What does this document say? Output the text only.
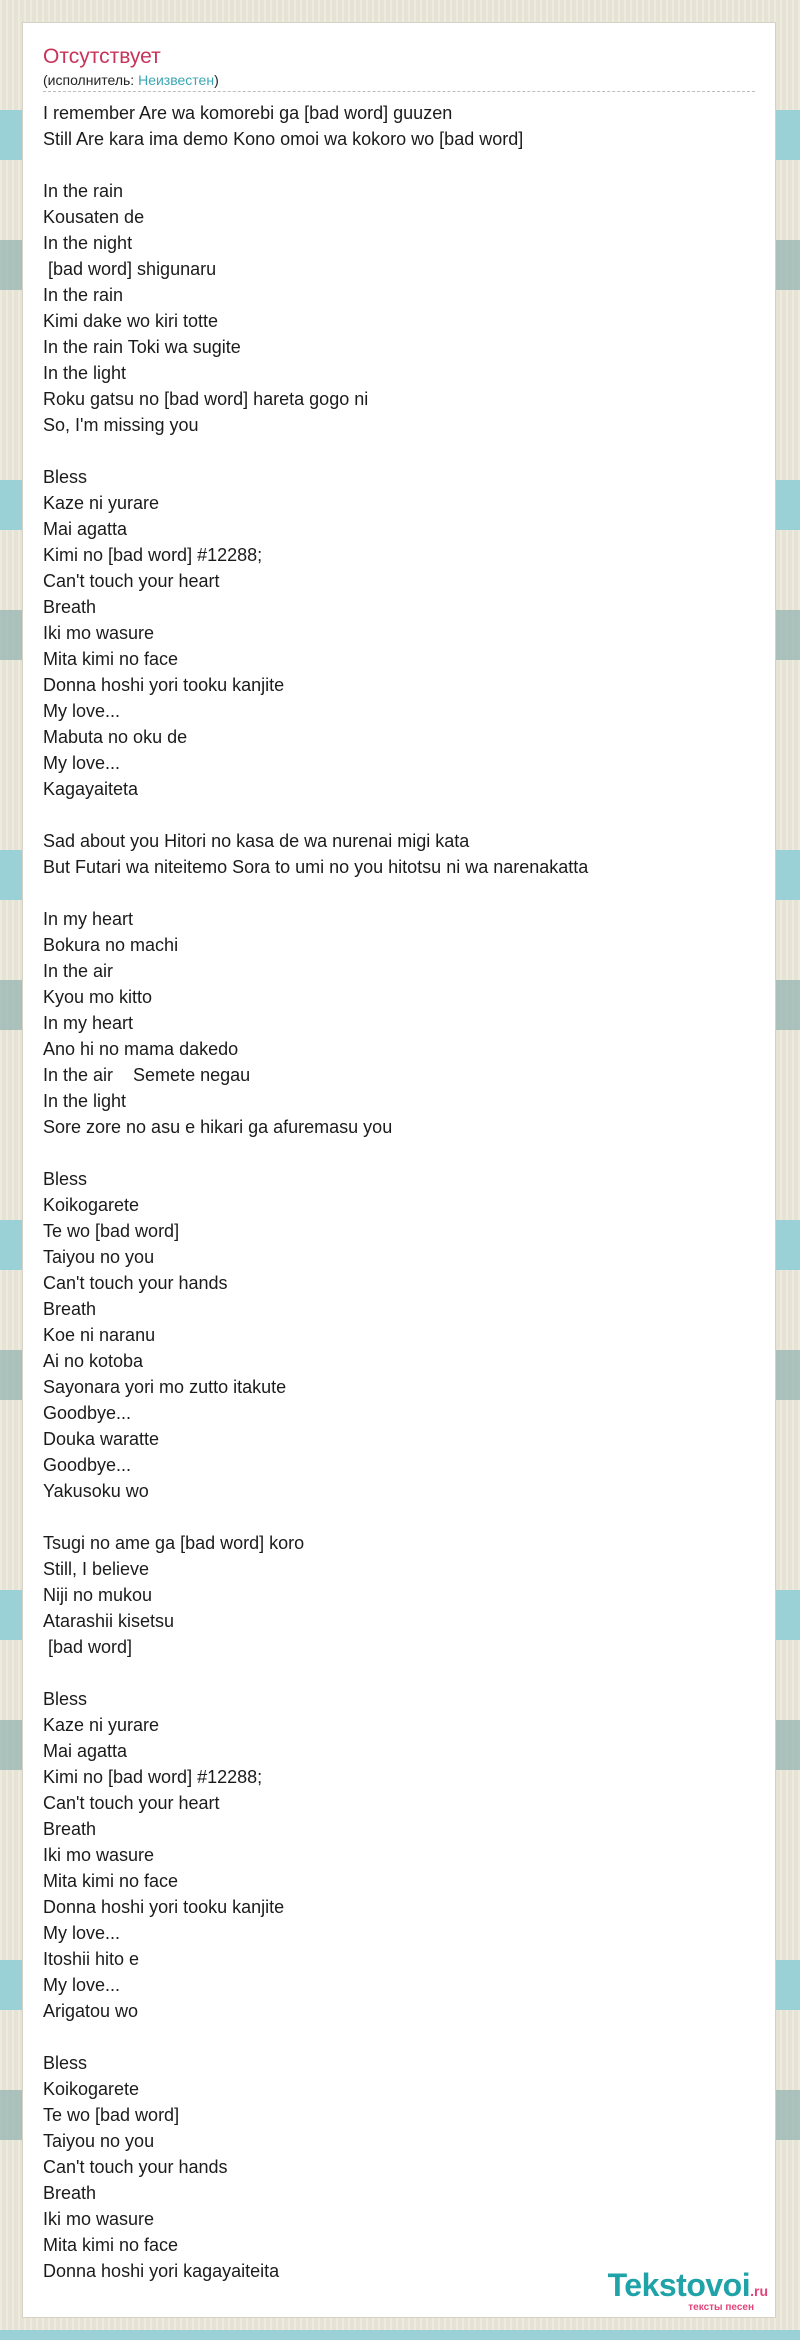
Отсутствует
(исполнитель: Неизвестен)
I remember Are wa komorebi ga [bad word] guuzen
Still Are kara ima demo Kono omoi wa kokoro wo [bad word]
In the rain
Kousaten de
In the night
[bad word] shigunaru
In the rain
Kimi dake wo kiri totte
In the rain Toki wa sugite
In the light
Roku gatsu no [bad word] hareta gogo ni
So, I'm missing you
Bless
Kaze ni yurare
Mai agatta
Kimi no [bad word] #12288;
Can't touch your heart
Breath
Iki mo wasure
Mita kimi no face
Donna hoshi yori tooku kanjite
My love...
Mabuta no oku de
My love...
Kagayaiteta
Sad about you Hitori no kasa de wa nurenai migi kata
But Futari wa niteitemo Sora to umi no you hitotsu ni wa narenakatta
In my heart
Bokura no machi
In the air
Kyou mo kitto
In my heart
Ano hi no mama dakedo
In the air    Semete negau
In the light
Sore zore no asu e hikari ga afuremasu you
Bless
Koikogarete
Te wo [bad word]
Taiyou no you
Can't touch your hands
Breath
Koe ni naranu
Ai no kotoba
Sayonara yori mo zutto itakute
Goodbye...
Douka waratte
Goodbye...
Yakusoku wo
Tsugi no ame ga [bad word] koro
Still, I believe
Niji no mukou
Atarashii kisetsu
[bad word]
Bless
Kaze ni yurare
Mai agatta
Kimi no [bad word] #12288;
Can't touch your heart
Breath
Iki mo wasure
Mita kimi no face
Donna hoshi yori tooku kanjite
My love...
Itoshii hito e
My love...
Arigatou wo
Bless
Koikogarete
Te wo [bad word]
Taiyou no you
Can't touch your hands
Breath
Iki mo wasure
Mita kimi no face
Donna hoshi yori kagayaiteita	Tekstovoi.ru
тексты песен
